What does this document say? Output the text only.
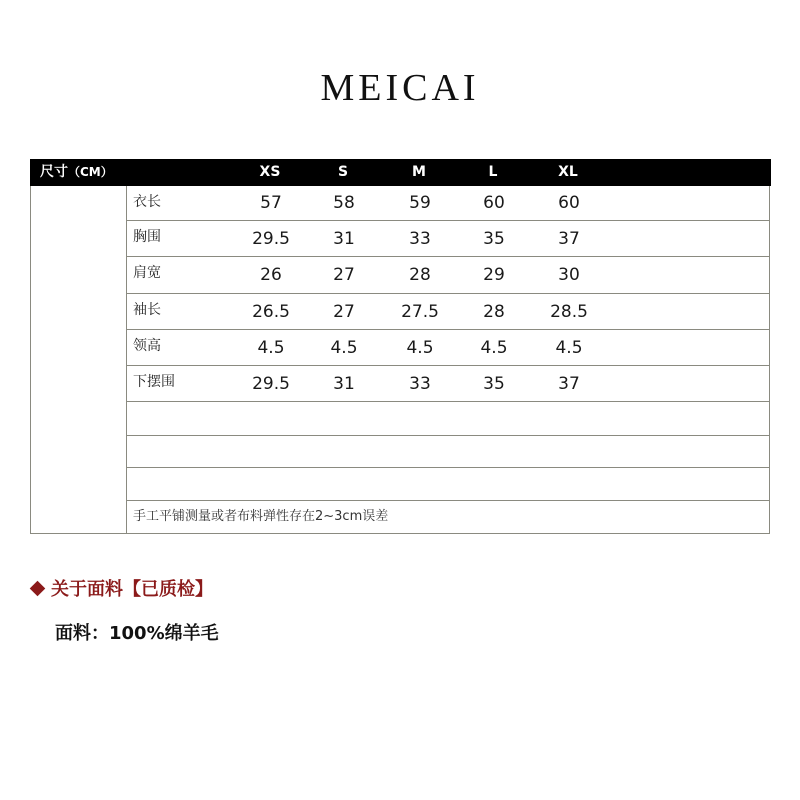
MEICAI
尺寸（CM）	XS	S	M	L	XL
衣长	57	58	59	60	60
胸围	29.5	31	33	35	37
肩宽	26	27	28	29	30
袖长	26.5	27	27.5	28	28.5
领高	4.5	4.5	4.5	4.5	4.5
下摆围	29.5	31	33	35	37
手工平铺测量或者布料弹性存在2~3cm误差
关于面料【已质检】
面料：100%绵羊毛
